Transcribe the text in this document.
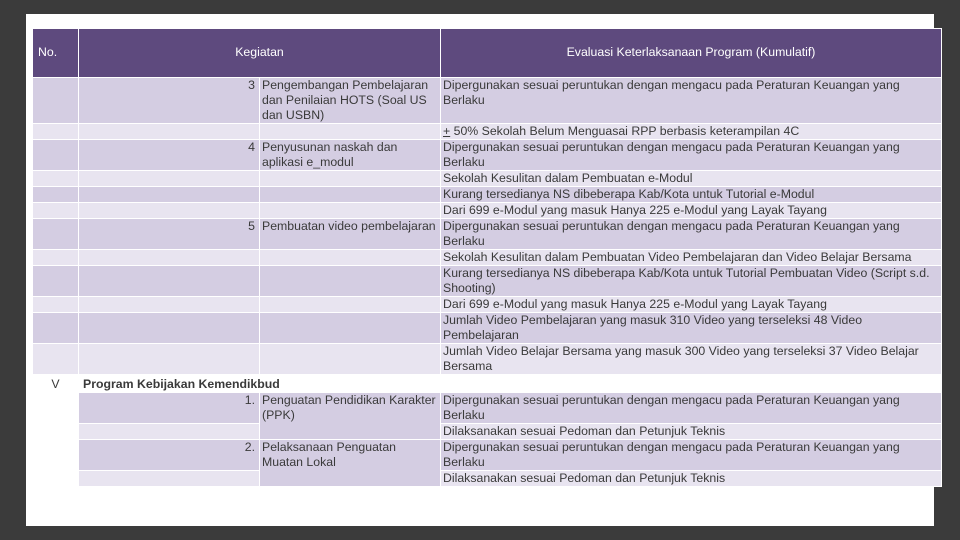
No.	Kegiatan		Evaluasi Keterlaksanaan Program (Kumulatif)
	3	Pengembangan Pembelajaran dan Penilaian HOTS (Soal US dan USBN)	Dipergunakan sesuai peruntukan dengan mengacu pada Peraturan Keuangan yang Berlaku
			+ 50% Sekolah Belum Menguasai RPP berbasis keterampilan 4C
	4	Penyusunan naskah dan aplikasi e_modul	Dipergunakan sesuai peruntukan dengan mengacu pada Peraturan Keuangan yang Berlaku
			Sekolah Kesulitan dalam Pembuatan e-Modul
			Kurang tersedianya NS dibeberapa Kab/Kota untuk Tutorial e-Modul
			Dari 699 e-Modul yang masuk Hanya 225 e-Modul yang Layak Tayang
	5	Pembuatan video pembelajaran	Dipergunakan sesuai peruntukan dengan mengacu pada Peraturan Keuangan yang Berlaku
			Sekolah Kesulitan dalam Pembuatan Video Pembelajaran dan Video Belajar Bersama
			Kurang tersedianya NS dibeberapa Kab/Kota untuk Tutorial Pembuatan Video (Script s.d. Shooting)
			Dari 699 e-Modul yang masuk Hanya 225 e-Modul yang Layak Tayang
			Jumlah Video Pembelajaran yang masuk 310 Video yang terseleksi 48 Video Pembelajaran
			Jumlah Video Belajar Bersama yang masuk 300 Video yang terseleksi 37 Video Belajar Bersama
V	Program Kebijakan Kemendikbud		
	1.	Penguatan Pendidikan Karakter (PPK)	Dipergunakan sesuai peruntukan dengan mengacu pada Peraturan Keuangan yang Berlaku
			Dilaksanakan sesuai Pedoman dan Petunjuk Teknis
	2.	Pelaksanaan Penguatan Muatan Lokal	Dipergunakan sesuai peruntukan dengan mengacu pada Peraturan Keuangan yang Berlaku
			Dilaksanakan sesuai Pedoman dan Petunjuk Teknis
